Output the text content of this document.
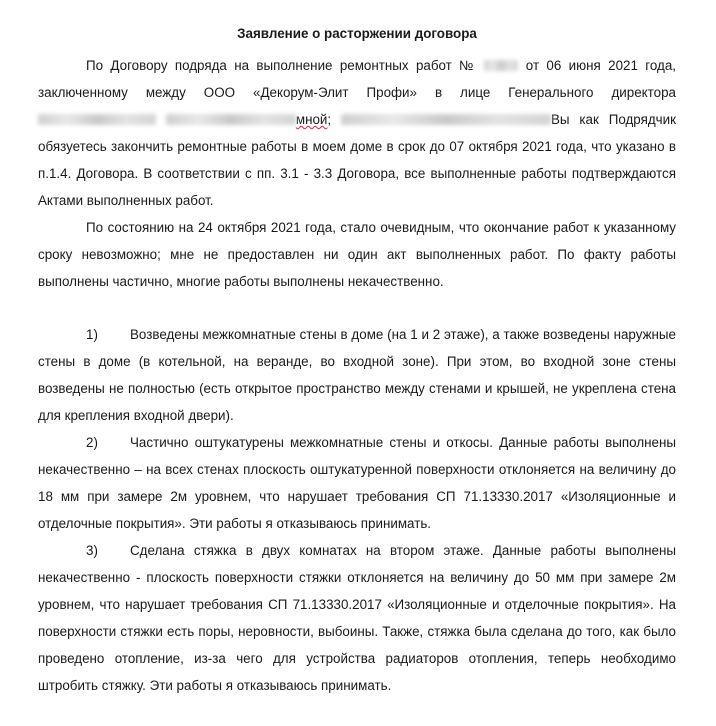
Заявление о расторжении договора

По Договору подряда на выполнение ремонтных работ №	от 06 июня 2021 года, заключенному между ООО «Декорум-Элит Профи» в лице Генерального директора  мной;	Вы как Подрядчик обязуетесь закончить ремонтные работы в моем доме в срок до 07 октября 2021 года, что указано в п.1.4. Договора. В соответствии с пп. 3.1 - 3.3 Договора, все выполненные работы подтверждаются Актами выполненных работ.

По состоянию на 24 октября 2021 года, стало очевидным, что окончание работ к указанному сроку невозможно; мне не предоставлен ни один акт выполненных работ. По факту работы выполнены частично, многие работы выполнены некачественно.

1) Возведены межкомнатные стены в доме (на 1 и 2 этаже), а также возведены наружные стены в доме (в котельной, на веранде, во входной зоне). При этом, во входной зоне стены возведены не полностью (есть открытое пространство между стенами и крышей, не укреплена стена для крепления входной двери).

2) Частично оштукатурены межкомнатные стены и откосы. Данные работы выполнены некачественно – на всех стенах плоскость оштукатуренной поверхности отклоняется на величину до 18 мм при замере 2м уровнем, что нарушает требования СП 71.13330.2017 «Изоляционные и отделочные покрытия». Эти работы я отказываюсь принимать.

3) Сделана стяжка в двух комнатах на втором этаже. Данные работы выполнены некачественно - плоскость поверхности стяжки отклоняется на величину до 50 мм при замере 2м уровнем, что нарушает требования СП 71.13330.2017 «Изоляционные и отделочные покрытия». На поверхности стяжки есть поры, неровности, выбоины. Также, стяжка была сделана до того, как было проведено отопление, из-за чего для устройства радиаторов отопления, теперь необходимо штробить стяжку. Эти работы я отказываюсь принимать.
